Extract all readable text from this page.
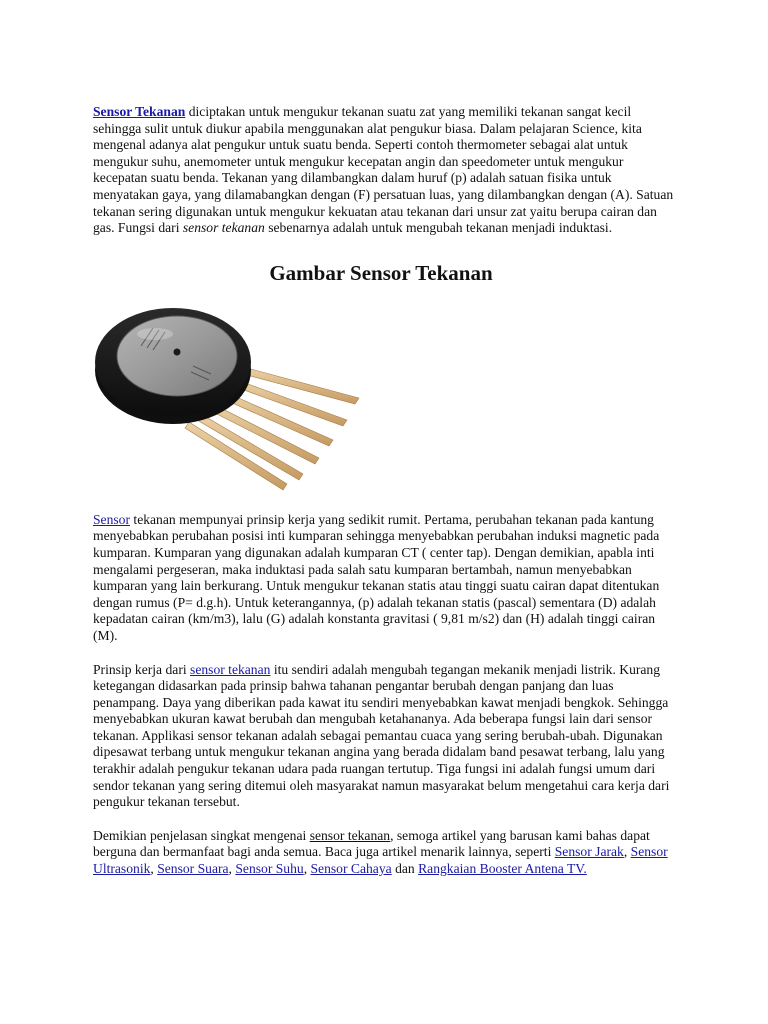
Sensor Tekanan diciptakan untuk mengukur tekanan suatu zat yang memiliki tekanan sangat kecil sehingga sulit untuk diukur apabila menggunakan alat pengukur biasa. Dalam pelajaran Science, kita mengenal adanya alat pengukur untuk suatu benda. Seperti contoh thermometer sebagai alat untuk mengukur suhu, anemometer untuk mengukur kecepatan angin dan speedometer untuk mengukur kecepatan suatu benda. Tekanan yang dilambangkan dalam huruf (p) adalah satuan fisika untuk menyatakan gaya, yang dilamabangkan dengan (F) persatuan luas, yang dilambangkan dengan (A). Satuan tekanan sering digunakan untuk mengukur kekuatan atau tekanan dari unsur zat yaitu berupa cairan dan gas. Fungsi dari sensor tekanan sebenarnya adalah untuk mengubah tekanan menjadi induktasi.

Gambar Sensor Tekanan

Sensor tekanan mempunyai prinsip kerja yang sedikit rumit. Pertama, perubahan tekanan pada kantung menyebabkan perubahan posisi inti kumparan sehingga menyebabkan perubahan induksi magnetic pada kumparan. Kumparan yang digunakan adalah kumparan CT ( center tap). Dengan demikian, apabla inti mengalami pergeseran, maka induktasi pada salah satu kumparan bertambah, namun menyebabkan kumparan yang lain berkurang. Untuk mengukur tekanan statis atau tinggi suatu cairan dapat ditentukan dengan rumus (P= d.g.h). Untuk keterangannya, (p) adalah tekanan statis (pascal) sementara (D) adalah kepadatan cairan (km/m3), lalu (G) adalah konstanta gravitasi ( 9,81 m/s2) dan (H) adalah tinggi cairan (M).

Prinsip kerja dari sensor tekanan itu sendiri adalah mengubah tegangan mekanik menjadi listrik. Kurang ketegangan didasarkan pada prinsip bahwa tahanan pengantar berubah dengan panjang dan luas penampang. Daya yang diberikan pada kawat itu sendiri menyebabkan kawat menjadi bengkok. Sehingga menyebabkan ukuran kawat berubah dan mengubah ketahananya. Ada beberapa fungsi lain dari sensor tekanan. Applikasi sensor tekanan adalah sebagai pemantau cuaca yang sering berubah-ubah. Digunakan dipesawat terbang untuk mengukur tekanan angina yang berada didalam band pesawat terbang, lalu yang terakhir adalah pengukur tekanan udara pada ruangan tertutup. Tiga fungsi ini adalah fungsi umum dari sendor tekanan yang sering ditemui oleh masyarakat namun masyarakat belum mengetahui cara kerja dari pengukur tekanan tersebut.

Demikian penjelasan singkat mengenai sensor tekanan, semoga artikel yang barusan kami bahas dapat berguna dan bermanfaat bagi anda semua. Baca juga artikel menarik lainnya, seperti Sensor Jarak, Sensor Ultrasonik, Sensor Suara, Sensor Suhu, Sensor Cahaya dan Rangkaian Booster Antena TV.
